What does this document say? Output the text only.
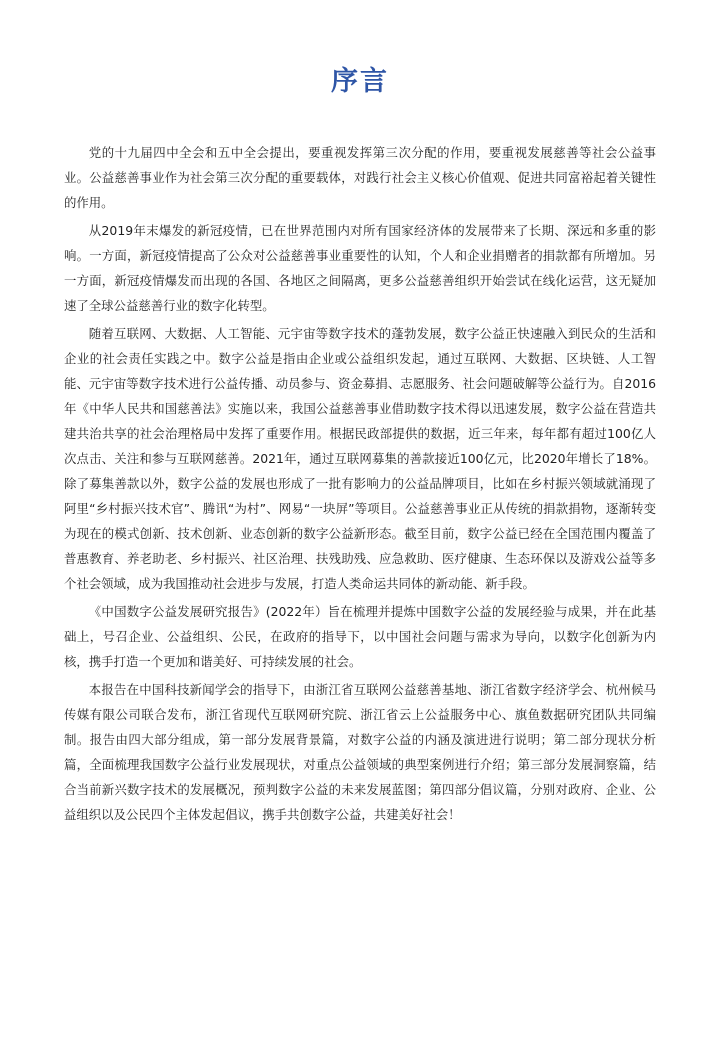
序言

党的十九届四中全会和五中全会提出，要重视发挥第三次分配的作用，要重视发展慈善等社会公益事业。公益慈善事业作为社会第三次分配的重要载体，对践行社会主义核心价值观、促进共同富裕起着关键性的作用。

从2019年末爆发的新冠疫情，已在世界范围内对所有国家经济体的发展带来了长期、深远和多重的影响。一方面，新冠疫情提高了公众对公益慈善事业重要性的认知，个人和企业捐赠者的捐款都有所增加。另一方面，新冠疫情爆发而出现的各国、各地区之间隔离，更多公益慈善组织开始尝试在线化运营，这无疑加速了全球公益慈善行业的数字化转型。

随着互联网、大数据、人工智能、元宇宙等数字技术的蓬勃发展，数字公益正快速融入到民众的生活和企业的社会责任实践之中。数字公益是指由企业或公益组织发起，通过互联网、大数据、区块链、人工智能、元宇宙等数字技术进行公益传播、动员参与、资金募捐、志愿服务、社会问题破解等公益行为。自2016年《中华人民共和国慈善法》实施以来，我国公益慈善事业借助数字技术得以迅速发展，数字公益在营造共建共治共享的社会治理格局中发挥了重要作用。根据民政部提供的数据，近三年来，每年都有超过100亿人次点击、关注和参与互联网慈善。2021年，通过互联网募集的善款接近100亿元，比2020年增长了18%。除了募集善款以外，数字公益的发展也形成了一批有影响力的公益品牌项目，比如在乡村振兴领域就涌现了阿里“乡村振兴技术官”、腾讯“为村”、网易“一块屏”等项目。公益慈善事业正从传统的捐款捐物，逐渐转变为现在的模式创新、技术创新、业态创新的数字公益新形态。截至目前，数字公益已经在全国范围内覆盖了普惠教育、养老助老、乡村振兴、社区治理、扶残助残、应急救助、医疗健康、生态环保以及游戏公益等多个社会领域，成为我国推动社会进步与发展，打造人类命运共同体的新动能、新手段。

《中国数字公益发展研究报告》(2022年）旨在梳理并提炼中国数字公益的发展经验与成果，并在此基础上，号召企业、公益组织、公民，在政府的指导下，以中国社会问题与需求为导向，以数字化创新为内核，携手打造一个更加和谐美好、可持续发展的社会。

本报告在中国科技新闻学会的指导下，由浙江省互联网公益慈善基地、浙江省数字经济学会、杭州候马传媒有限公司联合发布，浙江省现代互联网研究院、浙江省云上公益服务中心、旗鱼数据研究团队共同编制。报告由四大部分组成，第一部分发展背景篇，对数字公益的内涵及演进进行说明；第二部分现状分析篇，全面梳理我国数字公益行业发展现状，对重点公益领域的典型案例进行介绍；第三部分发展洞察篇，结合当前新兴数字技术的发展概况，预判数字公益的未来发展蓝图；第四部分倡议篇，分别对政府、企业、公益组织以及公民四个主体发起倡议，携手共创数字公益，共建美好社会！
